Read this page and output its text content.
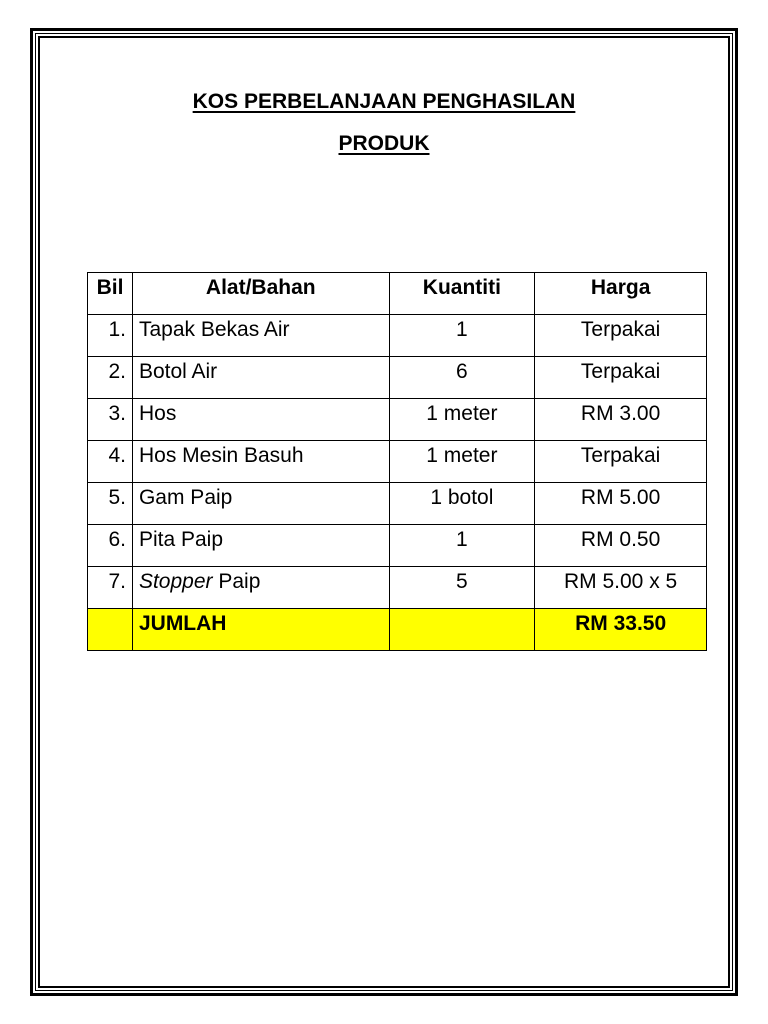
KOS PERBELANJAAN PENGHASILAN
PRODUK
Bil	Alat/Bahan	Kuantiti	Harga
1.	Tapak Bekas Air	1	Terpakai
2.	Botol Air	6	Terpakai
3.	Hos	1 meter	RM 3.00
4.	Hos Mesin Basuh	1 meter	Terpakai
5.	Gam Paip	1 botol	RM 5.00
6.	Pita Paip	1	RM 0.50
7.	Stopper Paip	5	RM 5.00 x 5
	JUMLAH		RM 33.50
